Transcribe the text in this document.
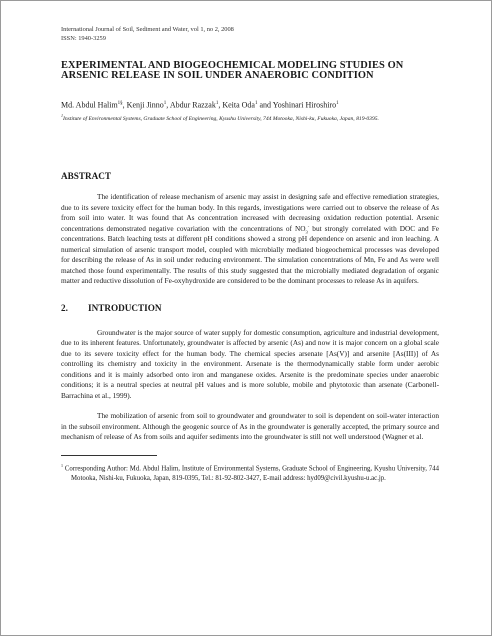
International Journal of Soil, Sediment and Water, vol 1, no 2, 2008
ISSN: 1940-3259
EXPERIMENTAL AND BIOGEOCHEMICAL MODELING STUDIES ON ARSENIC RELEASE IN SOIL UNDER ANAEROBIC CONDITION
Md. Abdul Halim$^{1\S}$, Kenji Jinno$^1$, Abdur Razzak$^1$, Keita Oda$^1$ and Yoshinari Hiroshiro$^1$
$^1$Institute of Environmental Systems, Graduate School of Engineering, Kyushu University, 744 Motooka, Nishi-ku, Fukuoka, Japan, 819-0395.
ABSTRACT
The identification of release mechanism of arsenic may assist in designing safe and effective remediation strategies, due to its severe toxicity effect for the human body. In this regards, investigations were carried out to observe the release of As from soil into water. It was found that As concentration increased with decreasing oxidation reduction potential. Arsenic concentrations demonstrated negative covariation with the concentrations of $NO_3^-$ but strongly correlated with DOC and Fe concentrations. Batch leaching tests at different pH conditions showed a strong pH dependence on arsenic and iron leaching. A numerical simulation of arsenic transport model, coupled with microbially mediated biogeochemical processes was developed for describing the release of As in soil under reducing environment. The simulation concentrations of Mn, Fe and As were well matched those found experimentally. The results of this study suggested that the microbially mediated degradation of organic matter and reductive dissolution of Fe-oxyhydroxide are considered to be the dominant processes to release As in aquifers.
2. INTRODUCTION
Groundwater is the major source of water supply for domestic consumption, agriculture and industrial development, due to its inherent features. Unfortunately, groundwater is affected by arsenic (As) and now it is major concern on a global scale due to its severe toxicity effect for the human body. The chemical species arsenate [As(V)] and arsenite [As(III)] of As controlling its chemistry and toxicity in the environment. Arsenate is the thermodynamically stable form under aerobic conditions and it is mainly adsorbed onto iron and manganese oxides. Arsenite is the predominate species under anaerobic conditions; it is a neutral species at neutral pH values and is more soluble, mobile and phytotoxic than arsenate (Carbonell-Barrachina et al., 1999).
The mobilization of arsenic from soil to groundwater and groundwater to soil is dependent on soil-water interaction in the subsoil environment. Although the geogenic source of As in the groundwater is generally accepted, the primary source and mechanism of release of As from soils and aquifer sediments into the groundwater is still not well understood (Wagner et al.
$^1$ Corresponding Author: Md. Abdul Halim, Institute of Environmental Systems, Graduate School of Engineering, Kyushu University, 744 Motooka, Nishi-ku, Fukuoka, Japan, 819-0395, Tel.: 81-92-802-3427, E-mail address: hyd09@civil.kyushu-u.ac.jp.
